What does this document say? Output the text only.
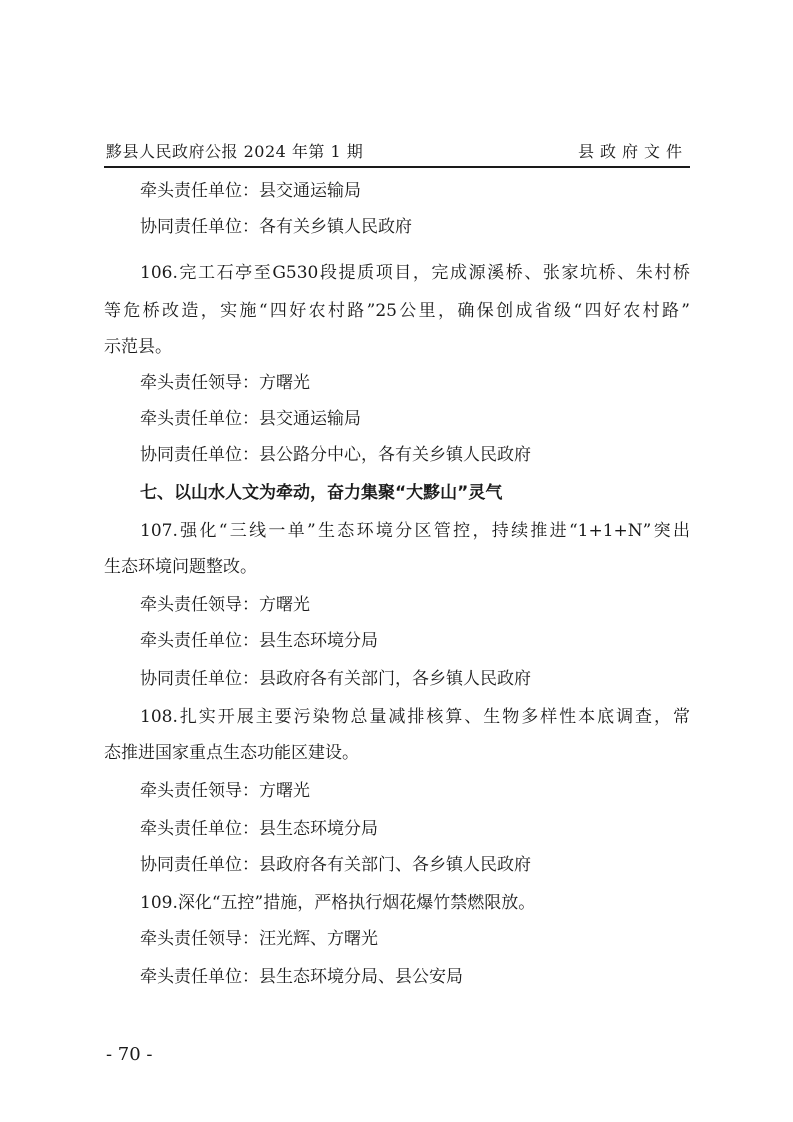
黟县人民政府公报 2024 年第 1 期	县政府文件
牵头责任单位：县交通运输局
协同责任单位：各有关乡镇人民政府
106.完工石亭至G530段提质项目，完成源溪桥、张家坑桥、朱村桥
等危桥改造，实施“四好农村路”25公里，确保创成省级“四好农村路”
示范县。
牵头责任领导：方曙光
牵头责任单位：县交通运输局
协同责任单位：县公路分中心，各有关乡镇人民政府
七、以山水人文为牵动，奋力集聚“大黟山”灵气
107.强化“三线一单”生态环境分区管控，持续推进“1+1+N”突出
生态环境问题整改。
牵头责任领导：方曙光
牵头责任单位：县生态环境分局
协同责任单位：县政府各有关部门，各乡镇人民政府
108.扎实开展主要污染物总量减排核算、生物多样性本底调查，常
态推进国家重点生态功能区建设。
牵头责任领导：方曙光
牵头责任单位：县生态环境分局
协同责任单位：县政府各有关部门、各乡镇人民政府
109.深化“五控”措施，严格执行烟花爆竹禁燃限放。
牵头责任领导：汪光辉、方曙光
牵头责任单位：县生态环境分局、县公安局
- 70 -
